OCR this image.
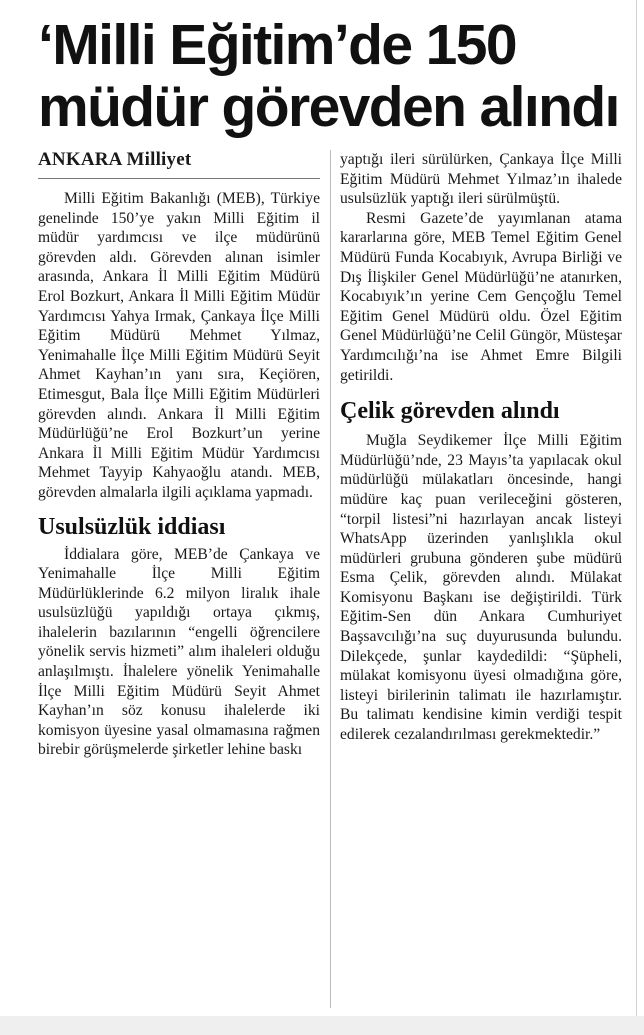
‘Milli Eğitim’de 150
müdür görevden alındı
ANKARA Milliyet

Milli Eğitim Bakanlığı (MEB), Türkiye genelinde 150’ye yakın Milli Eğitim il müdür yardımcısı ve ilçe müdürünü görevden aldı. Görevden alınan isimler arasında, Ankara İl Milli Eğitim Müdürü Erol Bozkurt, Ankara İl Milli Eğitim Müdür Yardımcısı Yahya Irmak, Çankaya İlçe Milli Eğitim Müdürü Mehmet Yılmaz, Yenimahalle İlçe Milli Eğitim Müdürü Seyit Ahmet Kayhan’ın yanı sıra, Keçiören, Etimesgut, Bala İlçe Milli Eğitim Müdürleri görevden alındı. Ankara İl Milli Eğitim Müdürlüğü’ne Erol Bozkurt’un yerine Ankara İl Milli Eğitim Müdür Yardımcısı Mehmet Tayyip Kahyaoğlu atandı. MEB, görevden almalarla ilgili açıklama yapmadı.

Usulsüzlük iddiası

İddialara göre, MEB’de Çankaya ve Yenimahalle İlçe Milli Eğitim Müdürlüklerinde 6.2 milyon liralık ihale usulsüzlüğü yapıldığı ortaya çıkmış, ihalelerin bazılarının “engelli öğrencilere yönelik servis hizmeti” alım ihaleleri olduğu anlaşılmıştı. İhalelere yönelik Yenimahalle İlçe Milli Eğitim Müdürü Seyit Ahmet Kayhan’ın söz konusu ihalelerde iki komisyon üyesine yasal olmamasına rağmen birebir görüşmelerde şirketler lehine baskı

yaptığı ileri sürülürken, Çankaya İlçe Milli Eğitim Müdürü Mehmet Yılmaz’ın ihalede usulsüzlük yaptığı ileri sürülmüştü.

Resmi Gazete’de yayımlanan atama kararlarına göre, MEB Temel Eğitim Genel Müdürü Funda Kocabıyık, Avrupa Birliği ve Dış İlişkiler Genel Müdürlüğü’ne atanırken, Kocabıyık’ın yerine Cem Gençoğlu Temel Eğitim Genel Müdürü oldu. Özel Eğitim Genel Müdürlüğü’ne Celil Güngör, Müsteşar Yardımcılığı’na ise Ahmet Emre Bilgili getirildi.

Çelik görevden alındı

Muğla Seydikemer İlçe Milli Eğitim Müdürlüğü’nde, 23 Mayıs’ta yapılacak okul müdürlüğü mülakatları öncesinde, hangi müdüre kaç puan verileceğini gösteren, “torpil listesi”ni hazırlayan ancak listeyi WhatsApp üzerinden yanlışlıkla okul müdürleri grubuna gönderen şube müdürü Esma Çelik, görevden alındı. Mülakat Komisyonu Başkanı ise değiştirildi. Türk Eğitim-Sen dün Ankara Cumhuriyet Başsavcılığı’na suç duyurusunda bulundu. Dilekçede, şunlar kaydedildi: “Şüpheli, mülakat komisyonu üyesi olmadığına göre, listeyi birilerinin talimatı ile hazırlamıştır. Bu talimatı kendisine kimin verdiği tespit edilerek cezalandırılması gerekmektedir.”
